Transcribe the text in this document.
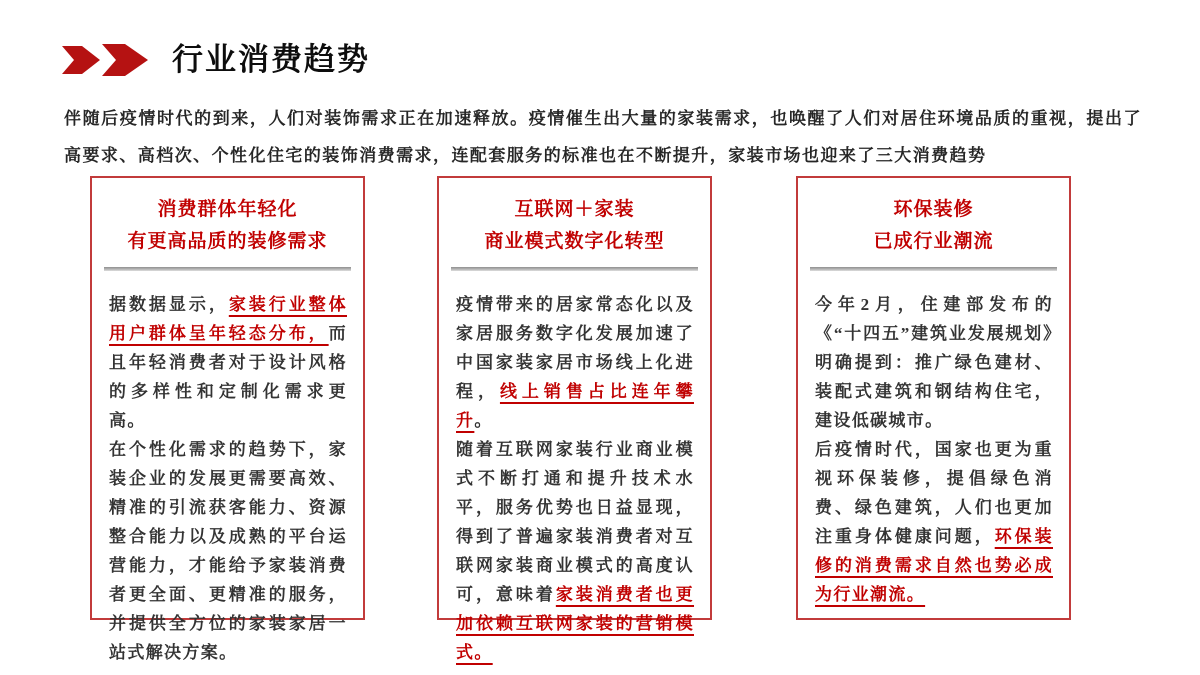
行业消费趋势

伴随后疫情时代的到来，人们对装饰需求正在加速释放。疫情催生出大量的家装需求，也唤醒了人们对居住环境品质的重视，提出了高要求、高档次、个性化住宅的装饰消费需求，连配套服务的标准也在不断提升，家装市场也迎来了三大消费趋势

消费群体年轻化
有更高品质的装修需求

据数据显示，家装行业整体用户群体呈年轻态分布，而且年轻消费者对于设计风格的多样性和定制化需求更高。

在个性化需求的趋势下，家装企业的发展更需要高效、精准的引流获客能力、资源整合能力以及成熟的平台运营能力，才能给予家装消费者更全面、更精准的服务，并提供全方位的家装家居一站式解决方案。

互联网＋家装
商业模式数字化转型

疫情带来的居家常态化以及家居服务数字化发展加速了中国家装家居市场线上化进程，线上销售占比连年攀升。

随着互联网家装行业商业模式不断打通和提升技术水平，服务优势也日益显现，得到了普遍家装消费者对互联网家装商业模式的高度认可，意味着家装消费者也更加依赖互联网家装的营销模式。

环保装修
已成行业潮流

今年2月，住建部发布的《“十四五”建筑业发展规划》明确提到：推广绿色建材、装配式建筑和钢结构住宅，建设低碳城市。

后疫情时代，国家也更为重视环保装修，提倡绿色消费、绿色建筑，人们也更加注重身体健康问题，环保装修的消费需求自然也势必成为行业潮流。
